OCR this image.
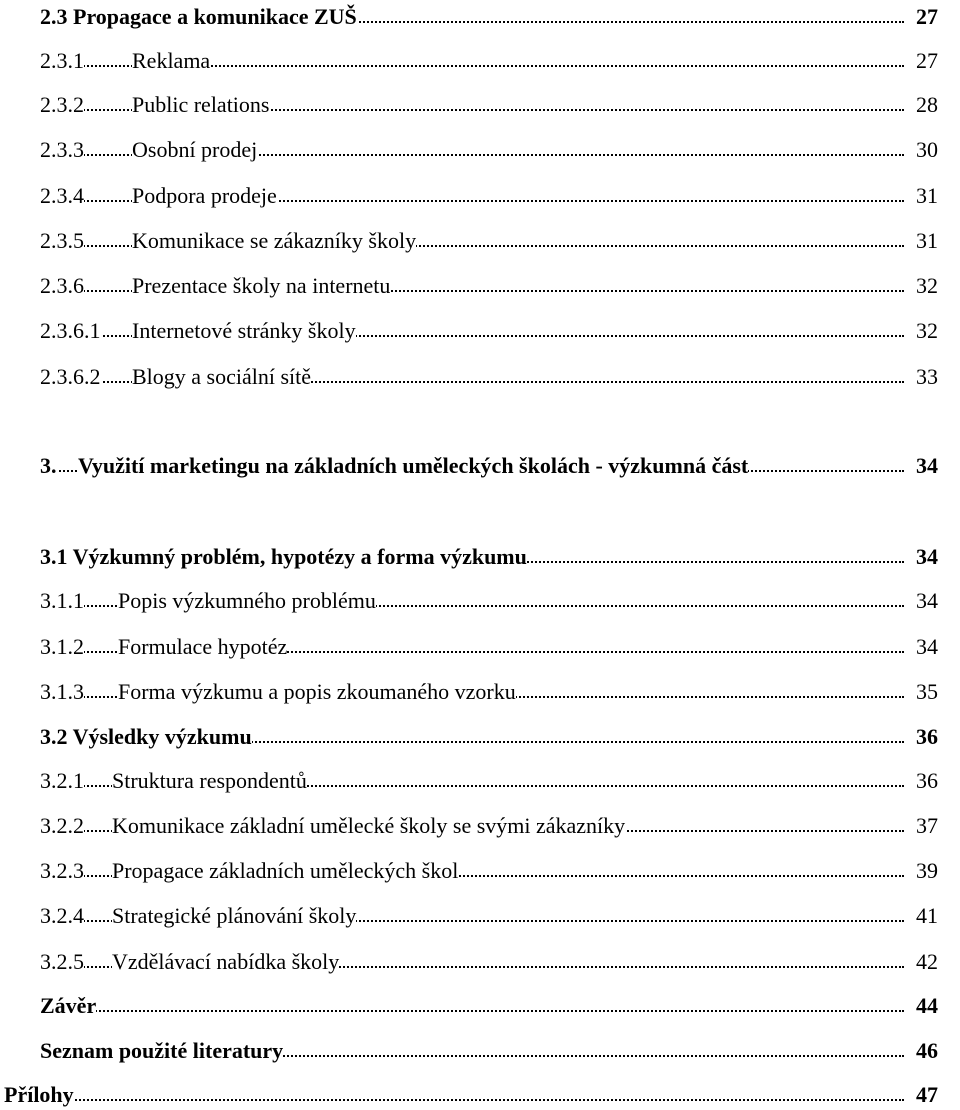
2.3 Propagace a komunikace ZUŠ	27
2.3.1 Reklama	27
2.3.2 Public relations	28
2.3.3 Osobní prodej	30
2.3.4 Podpora prodeje	31
2.3.5 Komunikace se zákazníky školy	31
2.3.6 Prezentace školy na internetu	32
2.3.6.1 Internetové stránky školy	32
2.3.6.2 Blogy a sociální sítě	33
3. Využití marketingu na základních uměleckých školách - výzkumná část	34
3.1 Výzkumný problém, hypotézy a forma výzkumu	34
3.1.1 Popis výzkumného problému	34
3.1.2 Formulace hypotéz	34
3.1.3 Forma výzkumu a popis zkoumaného vzorku	35
3.2 Výsledky výzkumu	36
3.2.1 Struktura respondentů	36
3.2.2 Komunikace základní umělecké školy se svými zákazníky	37
3.2.3 Propagace základních uměleckých škol	39
3.2.4 Strategické plánování školy	41
3.2.5 Vzdělávací nabídka školy	42
Závěr	44
Seznam použité literatury	46
Přílohy	47
